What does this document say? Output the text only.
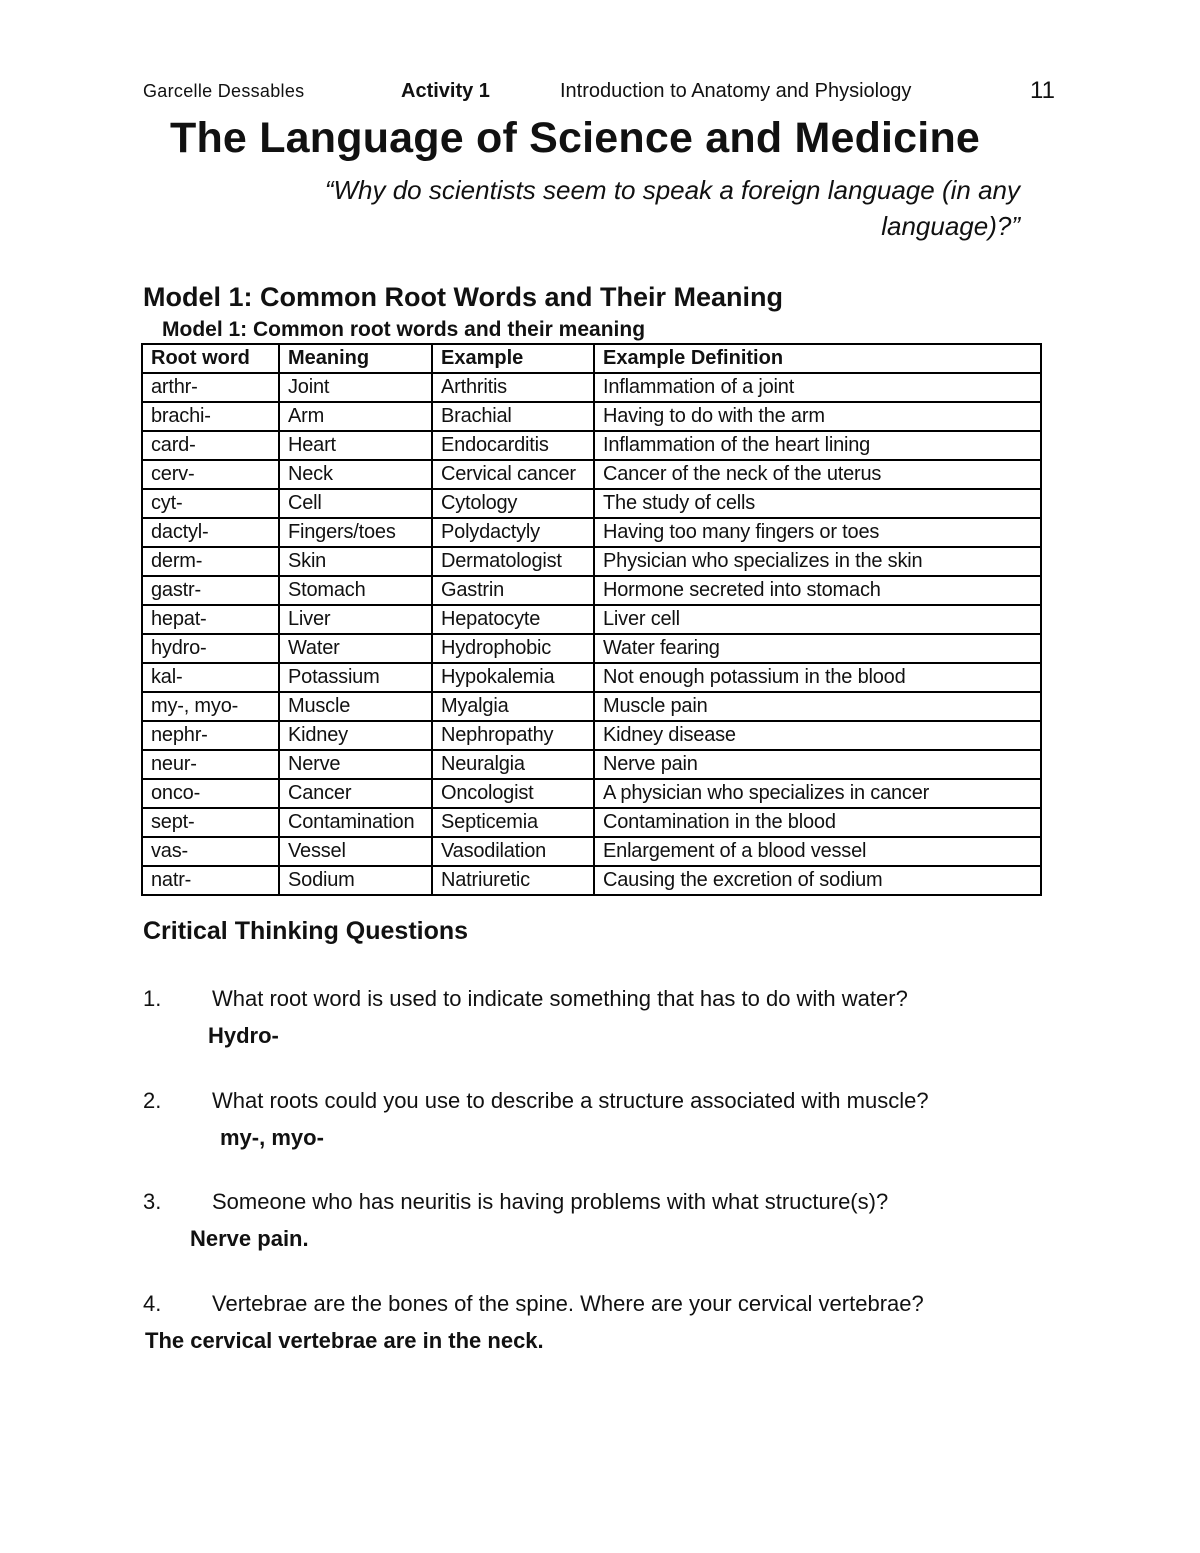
Garcelle Dessables	Activity 1	Introduction to Anatomy and Physiology	11
The Language of Science and Medicine
“Why do scientists seem to speak a foreign language (in any language)?”
Model 1: Common Root Words and Their Meaning
Model 1: Common root words and their meaning
Root word	Meaning	Example	Example Definition
arthr-	Joint	Arthritis	Inflammation of a joint
brachi-	Arm	Brachial	Having to do with the arm
card-	Heart	Endocarditis	Inflammation of the heart lining
cerv-	Neck	Cervical cancer	Cancer of the neck of the uterus
cyt-	Cell	Cytology	The study of cells
dactyl-	Fingers/toes	Polydactyly	Having too many fingers or toes
derm-	Skin	Dermatologist	Physician who specializes in the skin
gastr-	Stomach	Gastrin	Hormone secreted into stomach
hepat-	Liver	Hepatocyte	Liver cell
hydro-	Water	Hydrophobic	Water fearing
kal-	Potassium	Hypokalemia	Not enough potassium in the blood
my-, myo-	Muscle	Myalgia	Muscle pain
nephr-	Kidney	Nephropathy	Kidney disease
neur-	Nerve	Neuralgia	Nerve pain
onco-	Cancer	Oncologist	A physician who specializes in cancer
sept-	Contamination	Septicemia	Contamination in the blood
vas-	Vessel	Vasodilation	Enlargement of a blood vessel
natr-	Sodium	Natriuretic	Causing the excretion of sodium
Critical Thinking Questions
1. What root word is used to indicate something that has to do with water?
Hydro-
2. What roots could you use to describe a structure associated with muscle?
my-, myo-
3. Someone who has neuritis is having problems with what structure(s)?
Nerve pain.
4. Vertebrae are the bones of the spine. Where are your cervical vertebrae?
The cervical vertebrae are in the neck.
